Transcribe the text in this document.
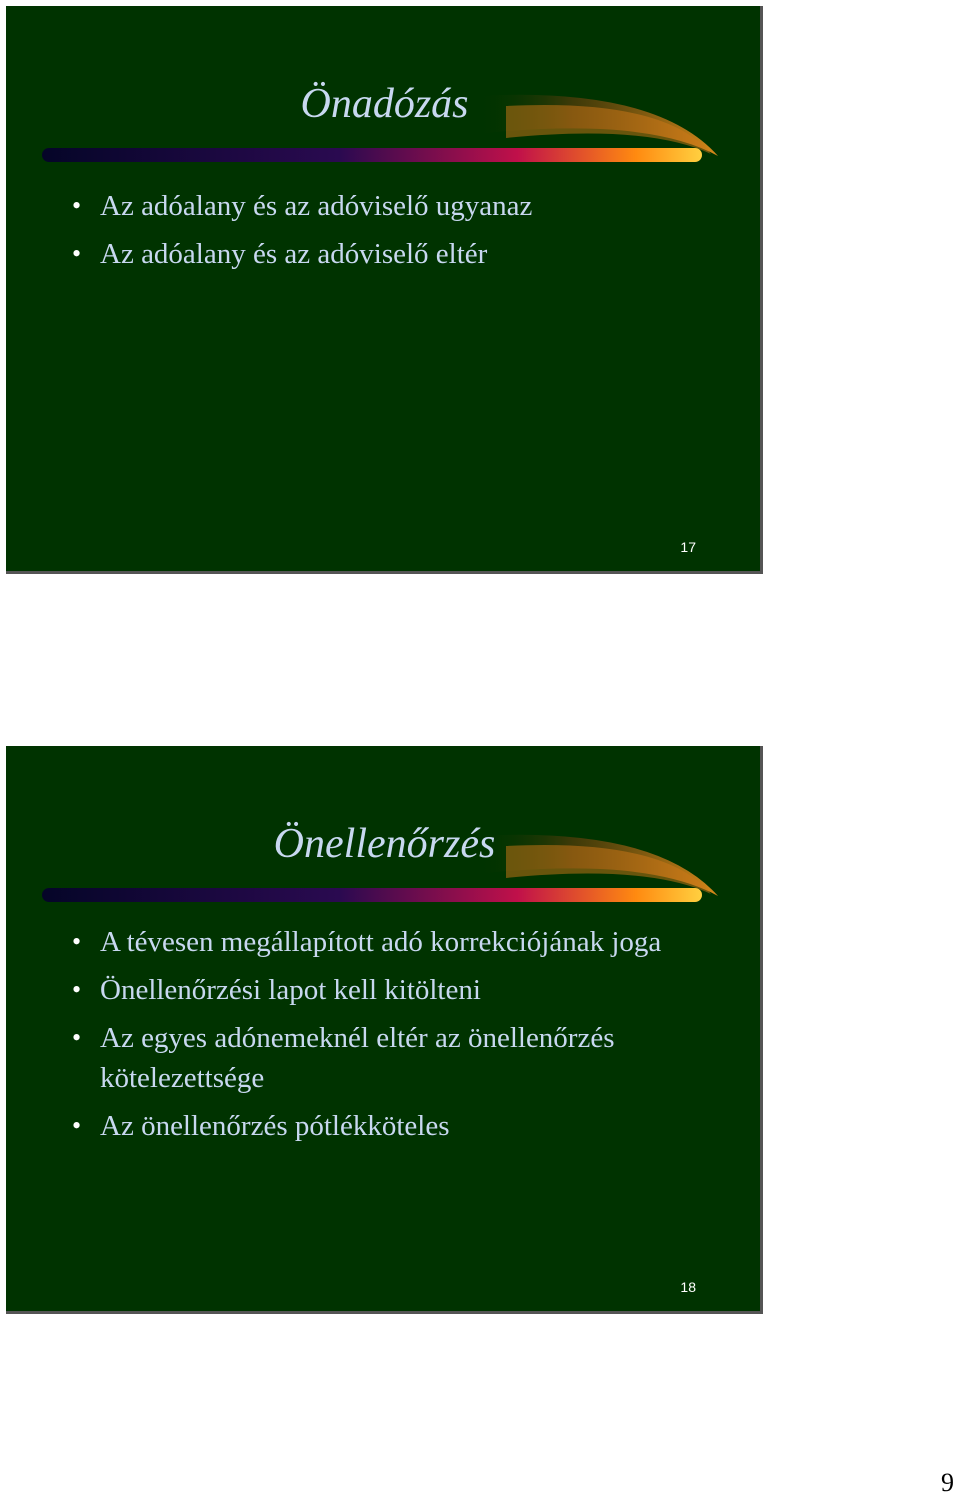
Önadózás
• Az adóalany és az adóviselő ugyanaz
• Az adóalany és az adóviselő eltér
17
Önellenőrzés
• A tévesen megállapított adó korrekciójának joga
• Önellenőrzési lapot kell kitölteni
• Az egyes adónemeknél eltér az önellenőrzés kötelezettsége
• Az önellenőrzés pótlékköteles
18
9
